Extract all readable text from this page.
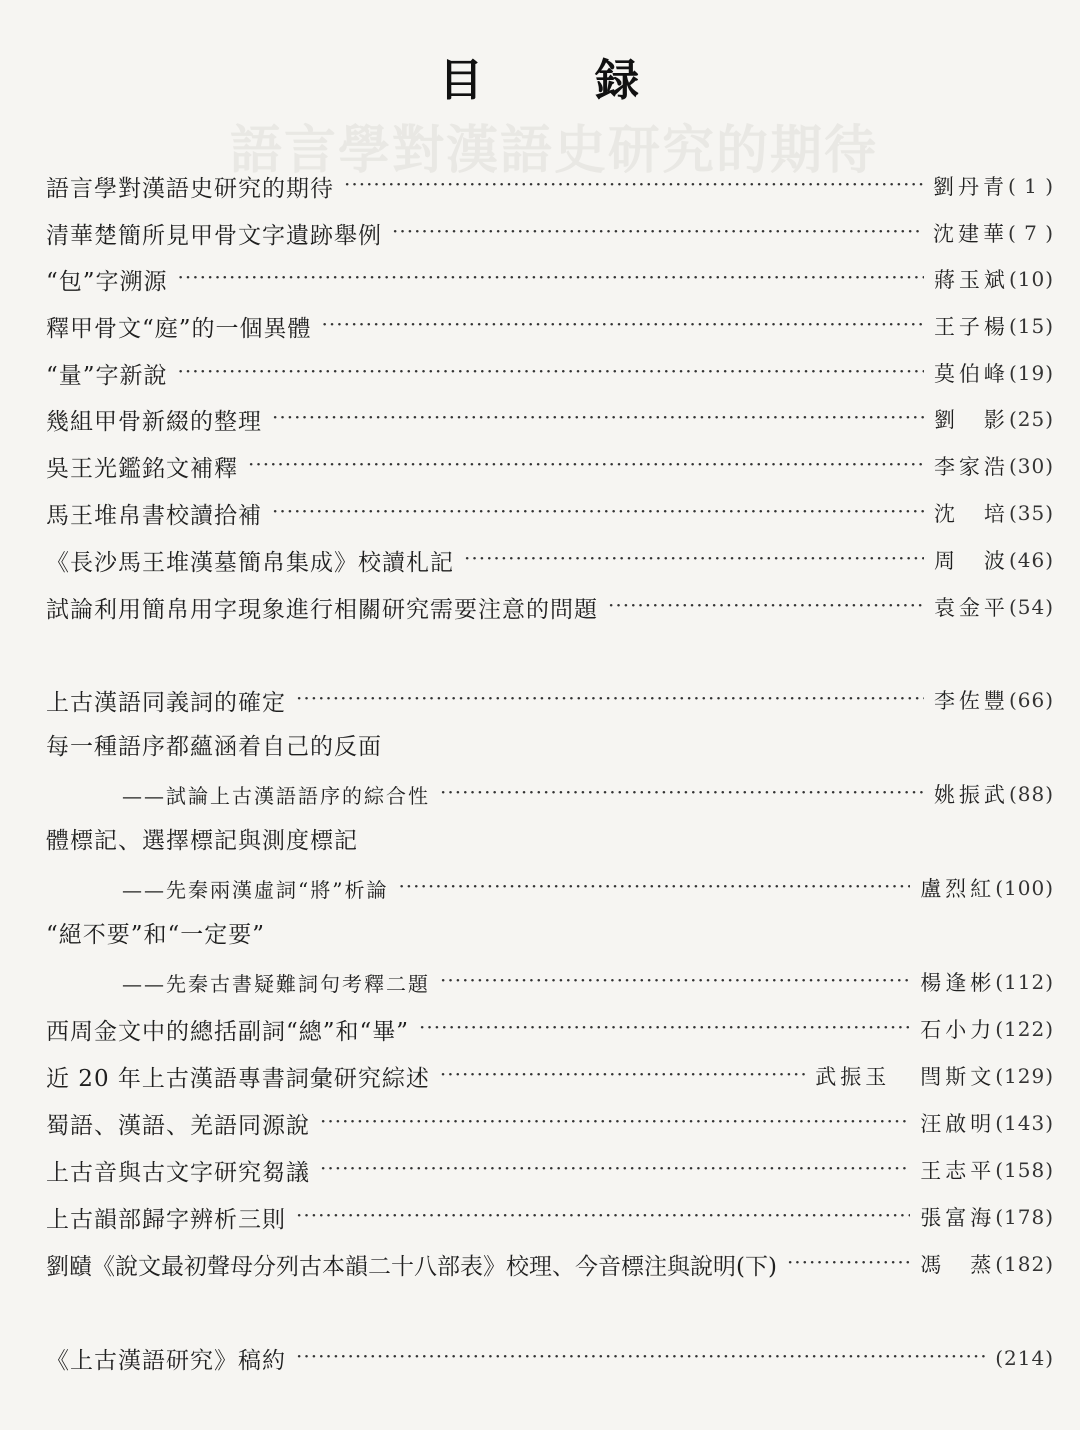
語言學對漢語史研究的期待
目	録
語言學對漢語史研究的期待 ·····	劉丹青 ( 1 )
清華楚簡所見甲骨文字遺跡舉例 ·····	沈建華 ( 7 )
“包”字溯源 ·····	蔣玉斌 (10)
釋甲骨文“庭”的一個異體 ·····	王子楊 (15)
“量”字新說 ·····	莫伯峰 (19)
幾組甲骨新綴的整理 ·····	劉　影 (25)
吳王光鑑銘文補釋 ·····	李家浩 (30)
馬王堆帛書校讀拾補 ·····	沈　培 (35)
《長沙馬王堆漢墓簡帛集成》校讀札記 ·····	周　波 (46)
試論利用簡帛用字現象進行相關研究需要注意的問題 ·····	袁金平 (54)
上古漢語同義詞的確定 ·····	李佐豐 (66)
每一種語序都蘊涵着自己的反面
——試論上古漢語語序的綜合性 ·····	姚振武 (88)
體標記、選擇標記與測度標記
——先秦兩漢虛詞“將”析論 ·····	盧烈紅 (100)
“絕不要”和“一定要”
——先秦古書疑難詞句考釋二題 ·····	楊逢彬 (112)
西周金文中的總括副詞“總”和“畢” ·····	石小力 (122)
近 20 年上古漢語專書詞彙研究綜述 ·····	武振玉 閆斯文 (129)
蜀語、漢語、羌語同源說 ·····	汪啟明 (143)
上古音與古文字研究芻議 ·····	王志平 (158)
上古韻部歸字辨析三則 ·····	張富海 (178)
劉賾《說文最初聲母分列古本韻二十八部表》校理、今音標注與說明(下) ·····	馮　蒸 (182)
《上古漢語研究》稿約 ·····	(214)
